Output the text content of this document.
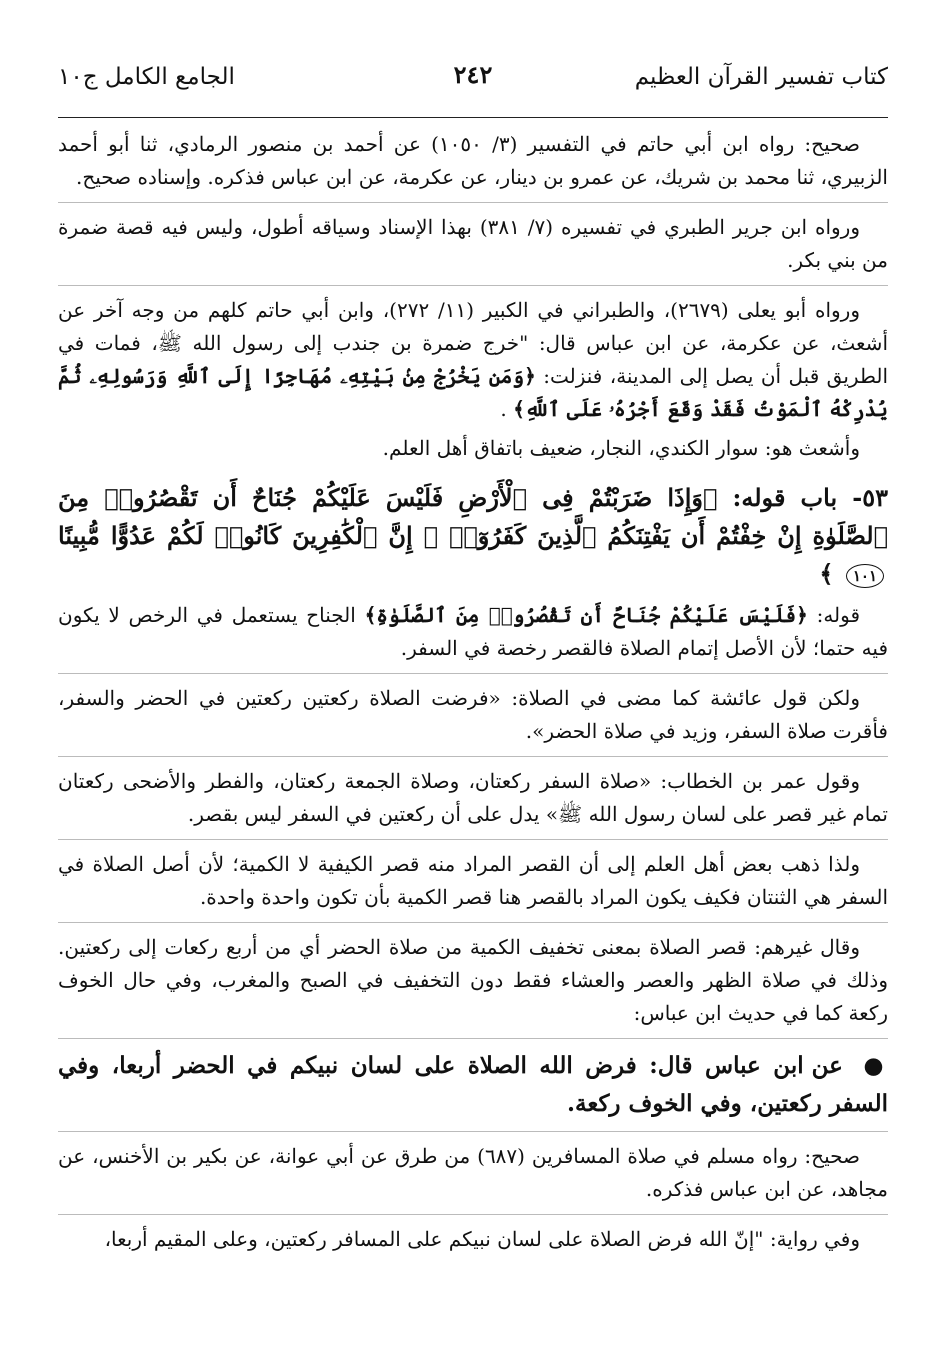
كتاب تفسير القرآن العظيم
٢٤٢
الجامع الكامل ج١٠

صحيح: رواه ابن أبي حاتم في التفسير (٣/ ١٠٥٠) عن أحمد بن منصور الرمادي، ثنا أبو أحمد الزبيري، ثنا محمد بن شريك، عن عمرو بن دينار، عن عكرمة، عن ابن عباس فذكره. وإسناده صحيح.

ورواه ابن جرير الطبري في تفسيره (٧/ ٣٨١) بهذا الإسناد وسياقه أطول، وليس فيه قصة ضمرة من بني بكر.

ورواه أبو يعلى (٢٦٧٩)، والطبراني في الكبير (١١/ ٢٧٢)، وابن أبي حاتم كلهم من وجه آخر عن أشعث، عن عكرمة، عن ابن عباس قال: "خرج ضمرة بن جندب إلى رسول الله ﷺ، فمات في الطريق قبل أن يصل إلى المدينة، فنزلت: ﴿وَمَن يَخْرُجْ مِنۢ بَيْتِهِۦ مُهَاجِرًا إِلَى ٱللَّهِ وَرَسُولِهِۦ ثُمَّ يُدْرِكْهُ ٱلْمَوْتُ فَقَدْ وَقَعَ أَجْرُهُۥ عَلَى ٱللَّهِ﴾ .

وأشعث هو: سوار الكندي، النجار، ضعيف باتفاق أهل العلم.

٥٣- باب قوله: ﴿وَإِذَا ضَرَبْتُمْ فِى ٱلْأَرْضِ فَلَيْسَ عَلَيْكُمْ جُنَاحٌ أَن تَقْصُرُوا۟ مِنَ ٱلصَّلَوٰةِ إِنْ خِفْتُمْ أَن يَفْتِنَكُمُ ٱلَّذِينَ كَفَرُوٓا۟ ۚ إِنَّ ٱلْكَٰفِرِينَ كَانُوا۟ لَكُمْ عَدُوًّا مُّبِينًا ١٠١ ﴾

قوله: ﴿فَلَيْسَ عَلَيْكُمْ جُنَاحٌ أَن تَقْصُرُوا۟ مِنَ ٱلصَّلَوٰةِ﴾ الجناح يستعمل في الرخص لا يكون فيه حتما؛ لأن الأصل إتمام الصلاة فالقصر رخصة في السفر.

ولكن قول عائشة كما مضى في الصلاة: «فرضت الصلاة ركعتين ركعتين في الحضر والسفر، فأقرت صلاة السفر، وزيد في صلاة الحضر».

وقول عمر بن الخطاب: «صلاة السفر ركعتان، وصلاة الجمعة ركعتان، والفطر والأضحى ركعتان تمام غير قصر على لسان رسول الله ﷺ» يدل على أن ركعتين في السفر ليس بقصر.

ولذا ذهب بعض أهل العلم إلى أن القصر المراد منه قصر الكيفية لا الكمية؛ لأن أصل الصلاة في السفر هي الثنتان فكيف يكون المراد بالقصر هنا قصر الكمية بأن تكون واحدة واحدة.

وقال غيرهم: قصر الصلاة بمعنى تخفيف الكمية من صلاة الحضر أي من أربع ركعات إلى ركعتين. وذلك في صلاة الظهر والعصر والعشاء فقط دون التخفيف في الصبح والمغرب، وفي حال الخوف ركعة كما في حديث ابن عباس:

● عن ابن عباس قال: فرض الله الصلاة على لسان نبيكم في الحضر أربعا، وفي السفر ركعتين، وفي الخوف ركعة.

صحيح: رواه مسلم في صلاة المسافرين (٦٨٧) من طرق عن أبي عوانة، عن بكير بن الأخنس، عن مجاهد، عن ابن عباس فذكره.

وفي رواية: "إنّ الله فرض الصلاة على لسان نبيكم على المسافر ركعتين، وعلى المقيم أربعا،
